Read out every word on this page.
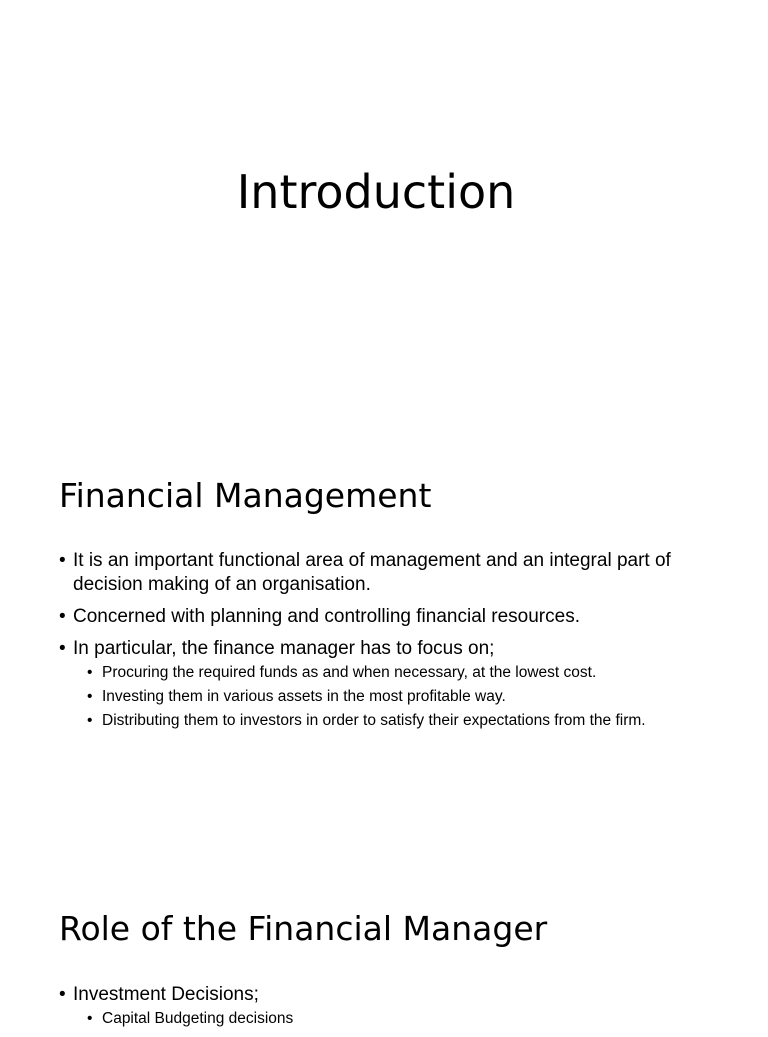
Introduction
Financial Management
• It is an important functional area of management and an integral part of decision making of an organisation.
• Concerned with planning and controlling financial resources.
• In particular, the finance manager has to focus on;
• Procuring the required funds as and when necessary, at the lowest cost.
• Investing them in various assets in the most profitable way.
• Distributing them to investors in order to satisfy their expectations from the firm.
Role of the Financial Manager
• Investment Decisions;
• Capital Budgeting decisions
